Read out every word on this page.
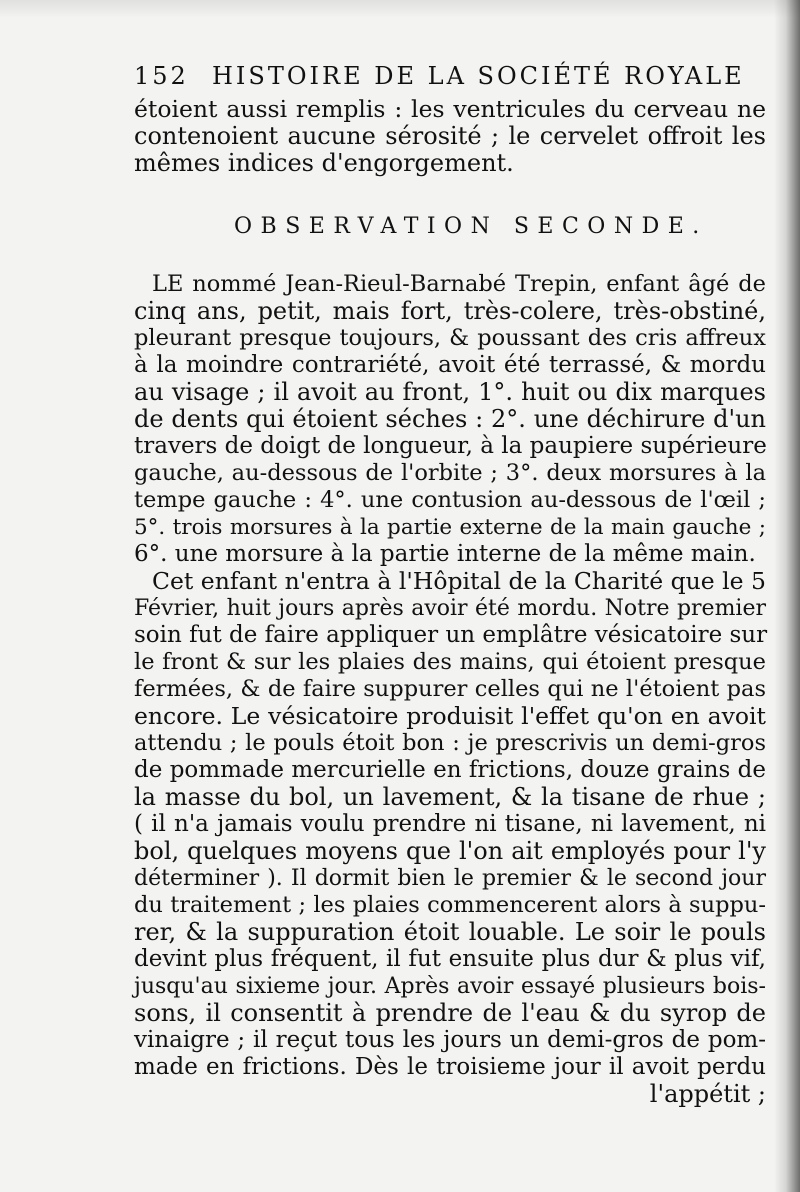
152 HISTOIRE DE LA SOCIÉTÉ ROYALE
étoient aussi remplis : les ventricules du cerveau ne
contenoient aucune sérosité ; le cervelet offroit les
mêmes indices d'engorgement.
OBSERVATION SECONDE.
LE nommé Jean-Rieul-Barnabé Trepin, enfant âgé de
cinq ans, petit, mais fort, très-colere, très-obstiné,
pleurant presque toujours, & poussant des cris affreux
à la moindre contrariété, avoit été terrassé, & mordu
au visage ; il avoit au front, 1°. huit ou dix marques
de dents qui étoient séches : 2°. une déchirure d'un
travers de doigt de longueur, à la paupiere supérieure
gauche, au-dessous de l'orbite ; 3°. deux morsures à la
tempe gauche : 4°. une contusion au-dessous de l'œil ;
5°. trois morsures à la partie externe de la main gauche ;
6°. une morsure à la partie interne de la même main.
Cet enfant n'entra à l'Hôpital de la Charité que le 5
Février, huit jours après avoir été mordu. Notre premier
soin fut de faire appliquer un emplâtre vésicatoire sur
le front & sur les plaies des mains, qui étoient presque
fermées, & de faire suppurer celles qui ne l'étoient pas
encore. Le vésicatoire produisit l'effet qu'on en avoit
attendu ; le pouls étoit bon : je prescrivis un demi-gros
de pommade mercurielle en frictions, douze grains de
la masse du bol, un lavement, & la tisane de rhue ;
( il n'a jamais voulu prendre ni tisane, ni lavement, ni
bol, quelques moyens que l'on ait employés pour l'y
déterminer ). Il dormit bien le premier & le second jour
du traitement ; les plaies commencerent alors à suppu-
rer, & la suppuration étoit louable. Le soir le pouls
devint plus fréquent, il fut ensuite plus dur & plus vif,
jusqu'au sixieme jour. Après avoir essayé plusieurs bois-
sons, il consentit à prendre de l'eau & du syrop de
vinaigre ; il reçut tous les jours un demi-gros de pom-
made en frictions. Dès le troisieme jour il avoit perdu
l'appétit ;
